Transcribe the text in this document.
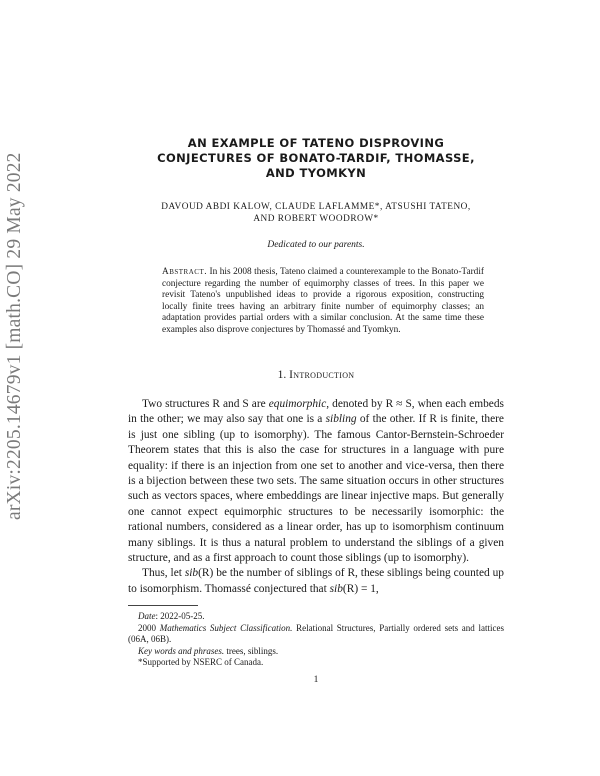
arXiv:2205.14679v1 [math.CO] 29 May 2022
AN EXAMPLE OF TATENO DISPROVING
CONJECTURES OF BONATO-TARDIF, THOMASSE,
AND TYOMKYN
DAVOUD ABDI KALOW, CLAUDE LAFLAMME*, ATSUSHI TATENO,
AND ROBERT WOODROW*
Dedicated to our parents.
Abstract. In his 2008 thesis, Tateno claimed a counterexample to the Bonato-Tardif conjecture regarding the number of equimorphy classes of trees. In this paper we revisit Tateno's unpublished ideas to provide a rigorous exposition, constructing locally finite trees having an arbitrary finite number of equimorphy classes; an adaptation provides partial orders with a similar conclusion. At the same time these examples also disprove conjectures by Thomassé and Tyomkyn.
1. Introduction

Two structures R and S are equimorphic, denoted by R ≈ S, when each embeds in the other; we may also say that one is a sibling of the other. If R is finite, there is just one sibling (up to isomorphy). The famous Cantor-Bernstein-Schroeder Theorem states that this is also the case for structures in a language with pure equality: if there is an injection from one set to another and vice-versa, then there is a bijection between these two sets. The same situation occurs in other structures such as vectors spaces, where embeddings are linear injective maps. But generally one cannot expect equimorphic structures to be necessarily isomorphic: the rational numbers, considered as a linear order, has up to isomorphism continuum many siblings. It is thus a natural problem to understand the siblings of a given structure, and as a first approach to count those siblings (up to isomorphy).

Thus, let sib(R) be the number of siblings of R, these siblings being counted up to isomorphism. Thomassé conjectured that sib(R) = 1,

Date: 2022-05-25.

2000 Mathematics Subject Classification. Relational Structures, Partially ordered sets and lattices (06A, 06B).

Key words and phrases. trees, siblings.

*Supported by NSERC of Canada.

1
